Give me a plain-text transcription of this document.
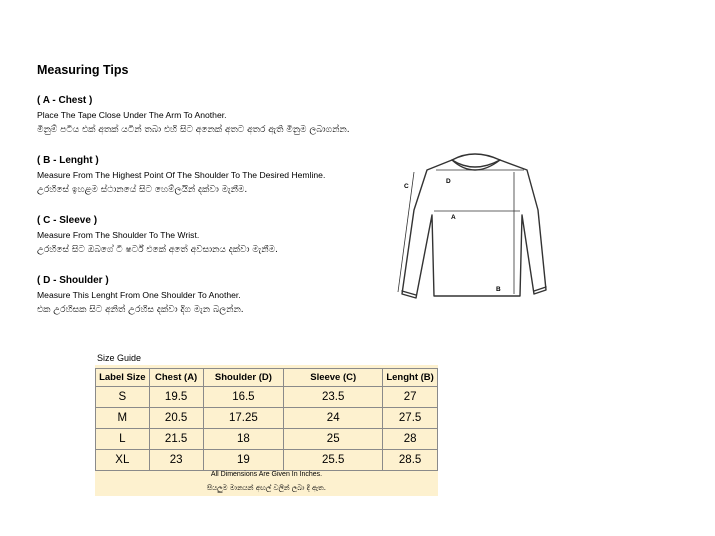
Measuring Tips
( A - Chest )
Place The Tape Close Under The Arm To Another.
මිනුම් පටිය එක් අතක් යටින් තබා එහි සිට අනෙක් අතට අතර ඇති මිනුම ලබාගන්න.
( B - Lenght )
Measure From The Highest Point Of The Shoulder To The Desired Hemline.
උරහිසේ ඉහළම ස්ථානයේ සිට හෙම්ලයින් දක්වා මැනීම.
( C - Sleeve )
Measure From The Shoulder To The Wrist.
උරහිසේ සිට ඔබගේ ටී ෂර්ට් එකේ අතේ අවසානය දක්වා මැනීම.
( D - Shoulder )
Measure This Lenght From One Shoulder To Another.
එක උරහිසක සිට අනිත් උරහිස දක්වා දිග මැන බලන්න.
A
B
C
D
Size Guide
Label Size	Chest (A)	Shoulder (D)	Sleeve (C)	Lenght (B)
S	19.5	16.5	23.5	27
M	20.5	17.25	24	27.5
L	21.5	18	25	28
XL	23	19	25.5	28.5
All Dimensions Are Given In Inches.
සියලුම මානයන් අඟල් වලින් ලබා දී ඇත.
